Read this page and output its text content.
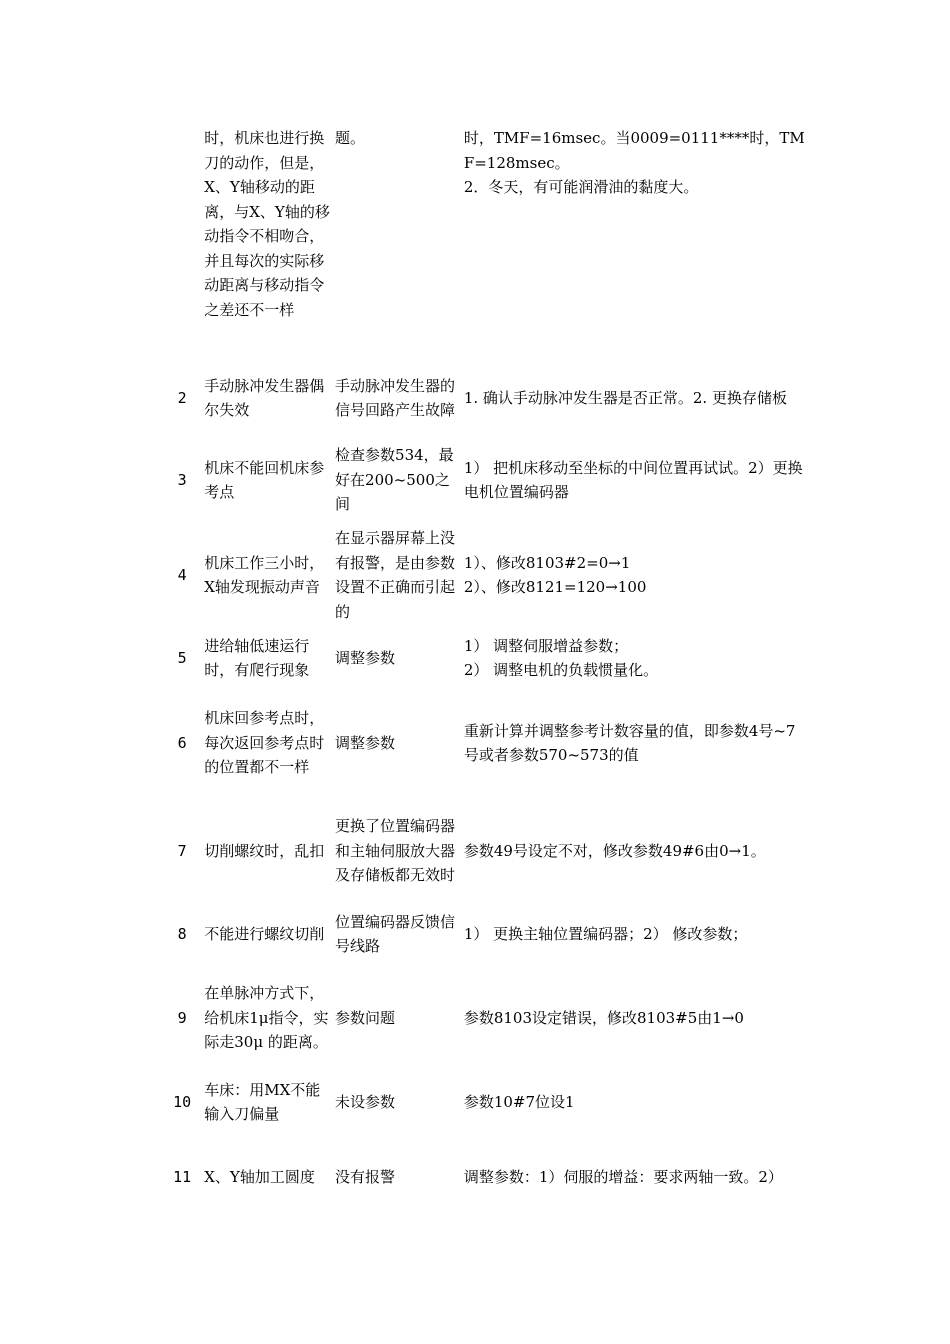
	时，机床也进行换刀的动作，但是，X、Y轴移动的距离，与X、Y轴的移动指令不相吻合，并且每次的实际移动距离与移动指令之差还不一样	题。	时，TMF=16msec。当0009=0111****时，TMF=128msec。
2．冬天，有可能润滑油的黏度大。

2	手动脉冲发生器偶尔失效	手动脉冲发生器的信号回路产生故障	1. 确认手动脉冲发生器是否正常。2. 更换存储板

3	机床不能回机床参考点	检查参数534，最好在200~500之间	1） 把机床移动至坐标的中间位置再试试。2）更换电机位置编码器

4	机床工作三小时，X轴发现振动声音	在显示器屏幕上没有报警，是由参数设置不正确而引起的	1）、修改8103#2=0→1
2）、修改8121=120→100

5	进给轴低速运行时，有爬行现象	调整参数	1） 调整伺服增益参数；
2） 调整电机的负载惯量化。

6	机床回参考点时，每次返回参考点时的位置都不一样	调整参数	重新计算并调整参考计数容量的值，即参数4号~7号或者参数570~573的值

7	切削螺纹时，乱扣	更换了位置编码器和主轴伺服放大器及存储板都无效时	参数49号设定不对，修改参数49#6由0→1。

8	不能进行螺纹切削	位置编码器反馈信号线路	1） 更换主轴位置编码器；2） 修改参数；

9	在单脉冲方式下，给机床1μ指令，实际走30μ 的距离。	参数问题	参数8103设定错误，修改8103#5由1→0

10	车床：用MX不能输入刀偏量	未设参数	参数10#7位设1

11	X、Y轴加工圆度	没有报警	调整参数：1）伺服的增益：要求两轴一致。2）
